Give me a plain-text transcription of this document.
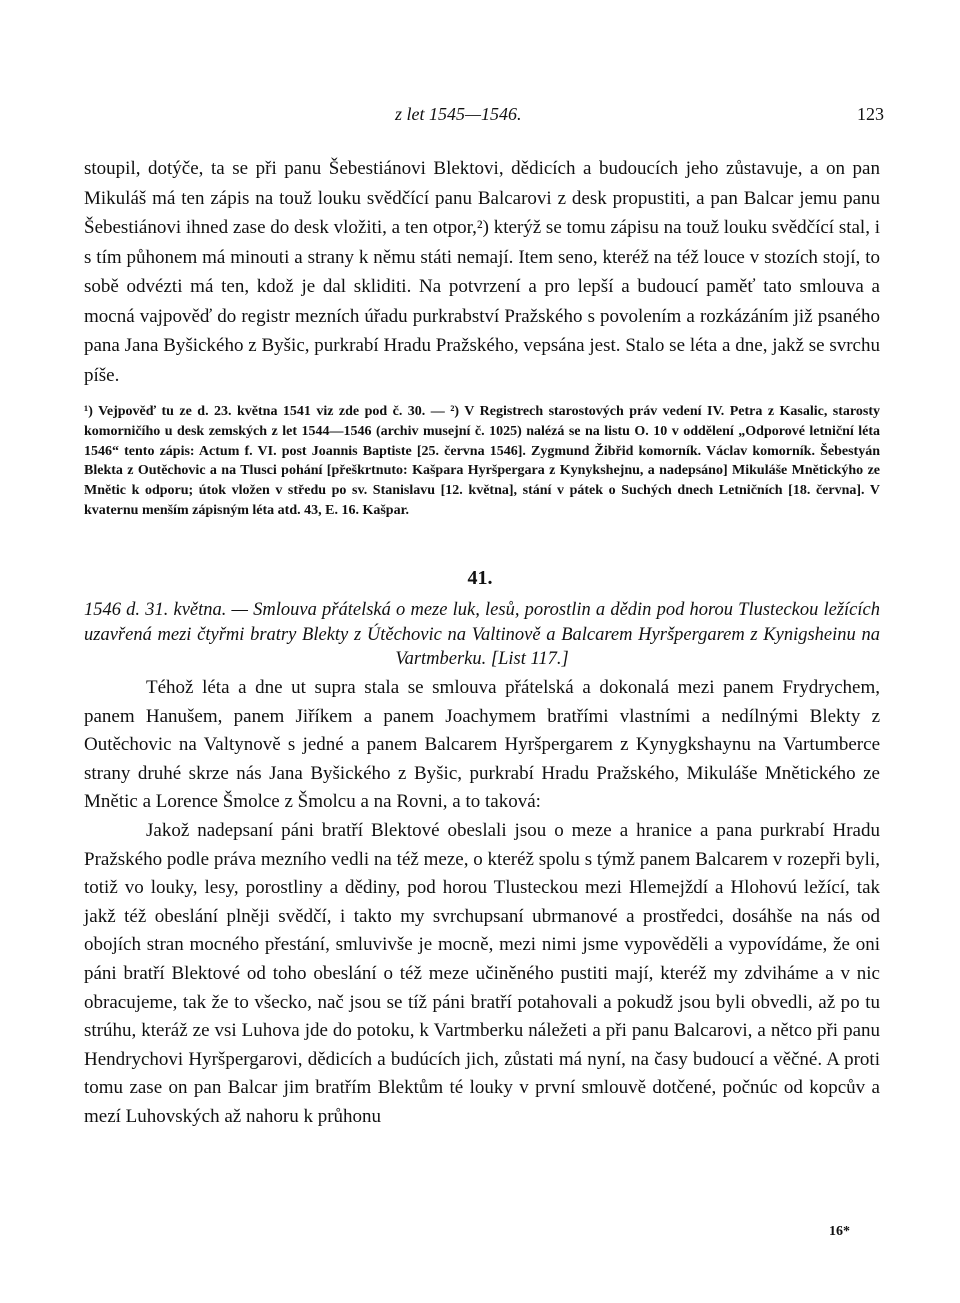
z let 1545—1546.	123

stoupil, dotýče, ta se při panu Šebestiánovi Blektovi, dědicích a budoucích jeho zůstavuje, a on pan Mikuláš má ten zápis na touž louku svědčící panu Balcarovi z desk propustiti, a pan Balcar jemu panu Šebestiánovi ihned zase do desk vložiti, a ten otpor,²) kterýž se tomu zápisu na touž louku svědčící stal, i s tím půhonem má minouti a strany k němu státi nemají. Item seno, kteréž na též louce v stozích stojí, to sobě odvézti má ten, kdož je dal skliditi. Na potvrzení a pro lepší a budoucí paměť tato smlouva a mocná vajpověď do registr mezních úřadu purkrabství Pražského s povolením a rozkázáním již psaného pana Jana Byšického z Byšic, purkrabí Hradu Pražského, vepsána jest. Stalo se léta a dne, jakž se svrchu píše.

¹) Vejpověď tu ze d. 23. května 1541 viz zde pod č. 30. — ²) V Registrech starostových práv vedení IV. Petra z Kasalic, starosty komorničího u desk zemských z let 1544—1546 (archiv musejní č. 1025) nalézá se na listu O. 10 v oddělení „Odporové letniční léta 1546“ tento zápis: Actum f. VI. post Joannis Baptiste [25. června 1546]. Zygmund Žibřid komorník. Václav komorník. Šebestyán Blekta z Outěchovic a na Tlusci pohání [přeškrtnuto: Kašpara Hyršpergara z Kynykshejnu, a nadepsáno] Mikuláše Mnětickýho ze Mnětic k odporu; útok vložen v středu po sv. Stanislavu [12. května], stání v pátek o Suchých dnech Letničních [18. června]. V kvaternu menším zápisným léta atd. 43, E. 16. Kašpar.

41.

1546 d. 31. května. — Smlouva přátelská o meze luk, lesů, porostlin a dědin pod horou Tlusteckou ležících uzavřená mezi čtyřmi bratry Blekty z Útěchovic na Valtinově a Balcarem Hyršpergarem z Kynigsheinu na Vartmberku. [List 117.]

Téhož léta a dne ut supra stala se smlouva přátelská a dokonalá mezi panem Frydrychem, panem Hanušem, panem Jiříkem a panem Joachymem bratřími vlastními a nedílnými Blekty z Outěchovic na Valtynově s jedné a panem Balcarem Hyršpergarem z Kynygkshaynu na Vartumberce strany druhé skrze nás Jana Byšického z Byšic, purkrabí Hradu Pražského, Mikuláše Mnětického ze Mnětic a Lorence Šmolce z Šmolcu a na Rovni, a to taková:

Jakož nadepsaní páni bratří Blektové obeslali jsou o meze a hranice a pana purkrabí Hradu Pražského podle práva mezního vedli na též meze, o kteréž spolu s týmž panem Balcarem v rozepři byli, totiž vo louky, lesy, porostliny a dědiny, pod horou Tlusteckou mezi Hlemejždí a Hlohovú ležící, tak jakž též obeslání plněji svědčí, i takto my svrchupsaní ubrmanové a prostředci, dosáhše na nás od obojích stran mocného přestání, smluvivše je mocně, mezi nimi jsme vypověděli a vypovídáme, že oni páni bratří Blektové od toho obeslání o též meze učiněného pustiti mají, kteréž my zdviháme a v nic obracujeme, tak že to všecko, nač jsou se tíž páni bratří potahovali a pokudž jsou byli obvedli, až po tu strúhu, kteráž ze vsi Luhova jde do potoku, k Vartmberku náležeti a při panu Balcarovi, a nětco při panu Hendrychovi Hyršpergarovi, dědicích a budúcích jich, zůstati má nyní, na časy budoucí a věčné. A proti tomu zase on pan Balcar jim bratřím Blektům té louky v první smlouvě dotčené, počnúc od kopcův a mezí Luhovských až nahoru k průhonu

16*
